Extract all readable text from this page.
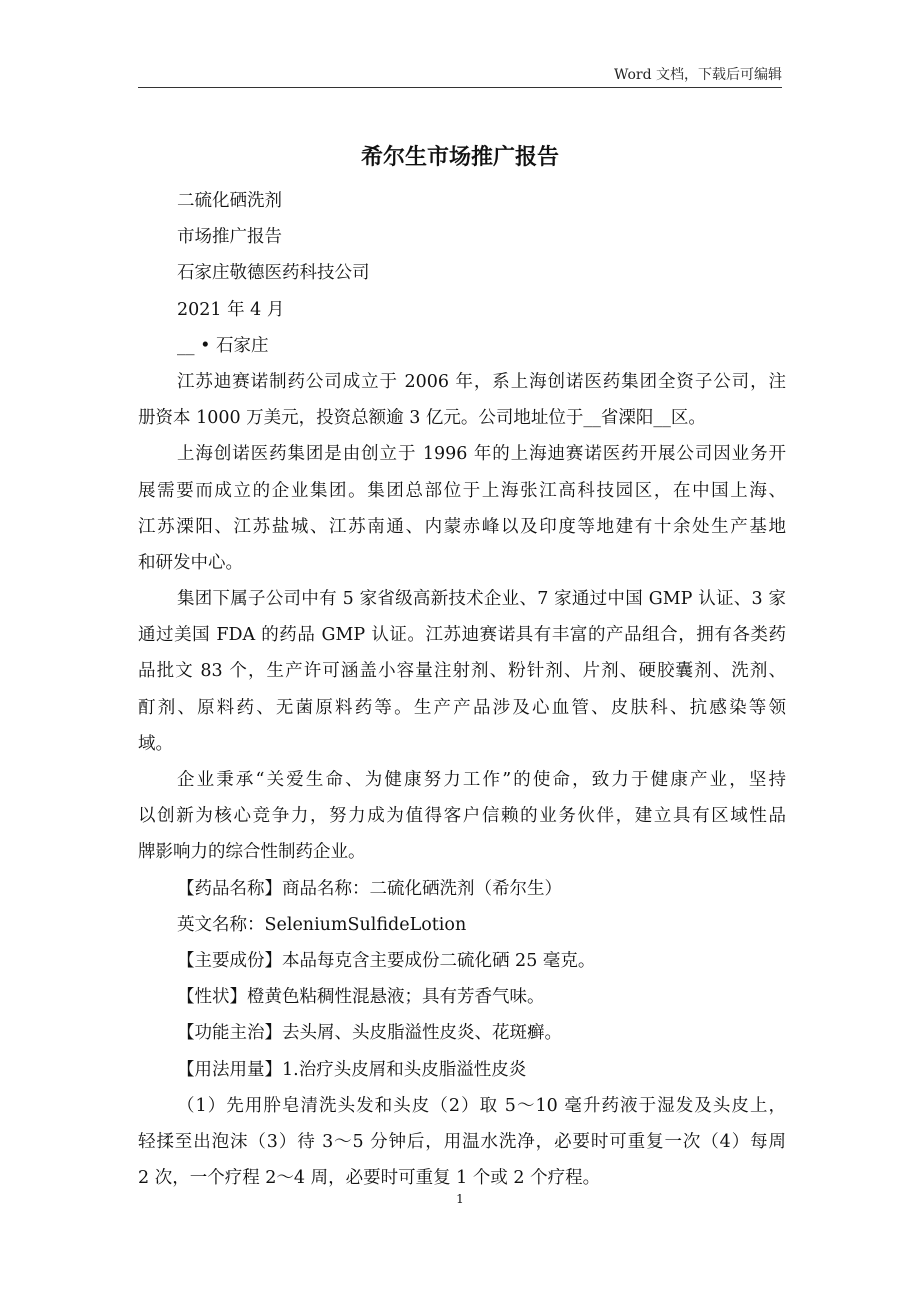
Word 文档，下载后可编辑
希尔生市场推广报告
二硫化硒洗剂
市场推广报告
石家庄敬德医药科技公司
2021 年 4 月
__ • 石家庄
江苏迪赛诺制药公司成立于 2006 年，系上海创诺医药集团全资子公司，注
册资本 1000 万美元，投资总额逾 3 亿元。公司地址位于__省溧阳__区。
上海创诺医药集团是由创立于 1996 年的上海迪赛诺医药开展公司因业务开
展需要而成立的企业集团。集团总部位于上海张江高科技园区，在中国上海、
江苏溧阳、江苏盐城、江苏南通、内蒙赤峰以及印度等地建有十余处生产基地
和研发中心。
集团下属子公司中有 5 家省级高新技术企业、7 家通过中国 GMP 认证、3 家
通过美国 FDA 的药品 GMP 认证。江苏迪赛诺具有丰富的产品组合，拥有各类药
品批文 83 个，生产许可涵盖小容量注射剂、粉针剂、片剂、硬胶囊剂、洗剂、
酊剂、原料药、无菌原料药等。生产产品涉及心血管、皮肤科、抗感染等领
域。
企业秉承“关爱生命、为健康努力工作”的使命，致力于健康产业，坚持
以创新为核心竞争力，努力成为值得客户信赖的业务伙伴，建立具有区域性品
牌影响力的综合性制药企业。
【药品名称】商品名称：二硫化硒洗剂（希尔生）
英文名称：SeleniumSulfideLotion
【主要成份】本品每克含主要成份二硫化硒 25 毫克。
【性状】橙黄色粘稠性混悬液；具有芳香气味。
【功能主治】去头屑、头皮脂溢性皮炎、花斑癣。
【用法用量】1.治疗头皮屑和头皮脂溢性皮炎
（1）先用肸皂清洗头发和头皮（2）取 5～10 毫升药液于湿发及头皮上，
轻揉至出泡沫（3）待 3～5 分钟后，用温水洗净，必要时可重复一次（4）每周
2 次，一个疗程 2～4 周，必要时可重复 1 个或 2 个疗程。
1
